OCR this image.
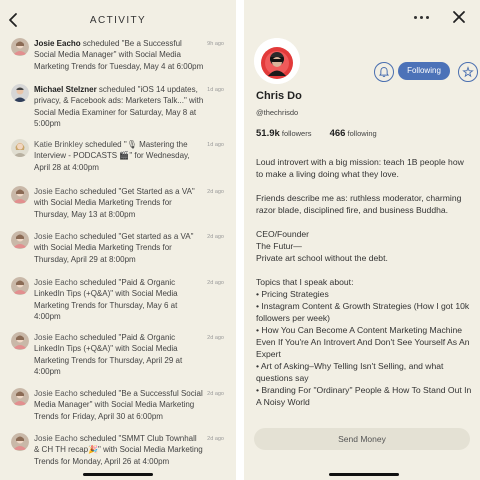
ACTIVITY
Josie Eacho scheduled "Be a Successful Social Media Manager" with Social Media Marketing Trends for Tuesday, May 4 at 6:00pm
9h ago
Michael Stelzner scheduled "iOS 14 updates, privacy, & Facebook ads: Marketers Talk..." with Social Media Examiner for Saturday, May 8 at 5:00pm
1d ago
Katie Brinkley scheduled "🎙 Mastering the Interview - PODCASTS 🎬" for Wednesday, April 28 at 4:00pm
1d ago
Josie Eacho scheduled "Get Started as a VA" with Social Media Marketing Trends for Thursday, May 13 at 8:00pm
2d ago
Josie Eacho scheduled "Get started as a VA" with Social Media Marketing Trends for Thursday, April 29 at 8:00pm
2d ago
Josie Eacho scheduled "Paid & Organic LinkedIn Tips (+Q&A)" with Social Media Marketing Trends for Thursday, May 6 at 4:00pm
2d ago
Josie Eacho scheduled "Paid & Organic LinkedIn Tips (+Q&A)" with Social Media Marketing Trends for Thursday, April 29 at 4:00pm
2d ago
Josie Eacho scheduled "Be a Successful Social Media Manager" with Social Media Marketing Trends for Friday, April 30 at 6:00pm
2d ago
Josie Eacho scheduled "SMMT Club Townhall & CH TH recap🎉" with Social Media Marketing Trends for Monday, April 26 at 4:00pm
2d ago
Following
Chris Do
@thechrisdo
51.9k followers 466 following

Loud introvert with a big mission: teach 1B people how to make a living doing what they love.

Friends describe me as: ruthless moderator, charming razor blade, disciplined fire, and business Buddha.

CEO/Founder

The Futur—

Private art school without the debt.

Topics that I speak about:

• Pricing Strategies

• Instagram Content & Growth Strategies (How I got 10k followers per week)

• How You Can Become A Content Marketing Machine Even If You're An Introvert And Don't See Yourself As An Expert

• Art of Asking–Why Telling Isn't Selling, and what questions say

• Branding For "Ordinary" People & How To Stand Out In A Noisy World

Send Money
